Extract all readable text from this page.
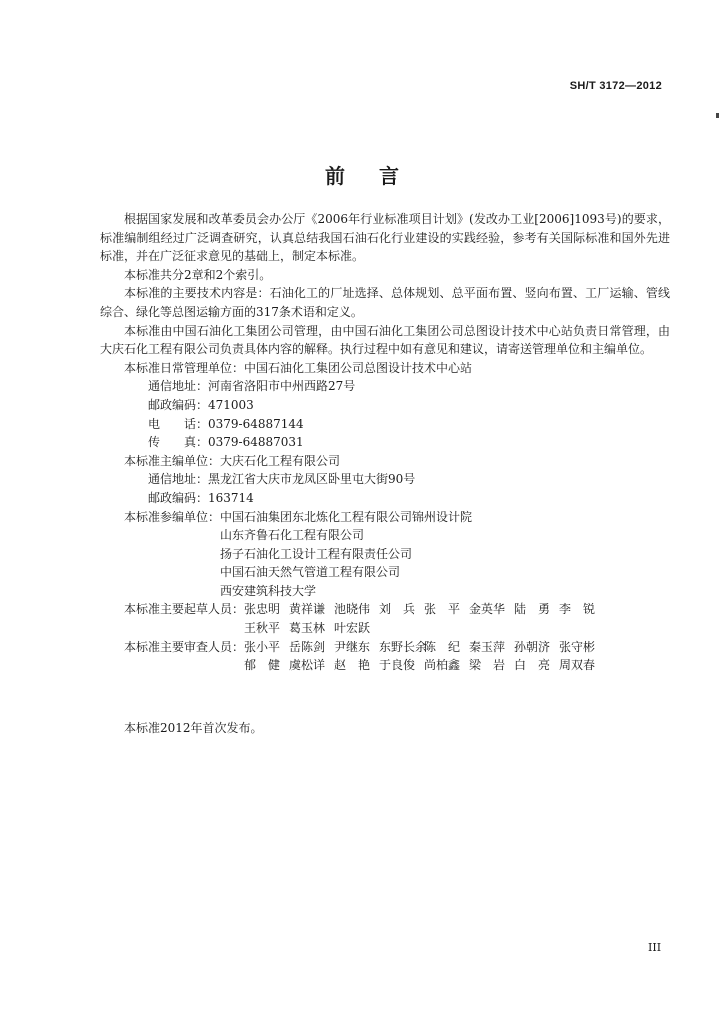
SH/T 3172—2012
前言

根据国家发展和改革委员会办公厅《2006年行业标准项目计划》(发改办工业[2006]1093号)的要求，标准编制组经过广泛调查研究，认真总结我国石油石化行业建设的实践经验，参考有关国际标准和国外先进标准，并在广泛征求意见的基础上，制定本标准。

本标准共分2章和2个索引。

本标准的主要技术内容是：石油化工的厂址选择、总体规划、总平面布置、竖向布置、工厂运输、管线综合、绿化等总图运输方面的317条术语和定义。

本标准由中国石油化工集团公司管理，由中国石油化工集团公司总图设计技术中心站负责日常管理，由大庆石化工程有限公司负责具体内容的解释。执行过程中如有意见和建议，请寄送管理单位和主编单位。

本标准日常管理单位： 中国石油化工集团公司总图设计技术中心站

通信地址：河南省洛阳市中州西路27号

邮政编码：471003

电　　话：0379-64887144

传　　真：0379-64887031

本标准主编单位： 大庆石化工程有限公司

通信地址：黑龙江省大庆市龙凤区卧里屯大街90号

邮政编码：163714

本标准参编单位： 中国石油集团东北炼化工程有限公司锦州设计院
山东齐鲁石化工程有限公司
扬子石油化工设计工程有限责任公司
中国石油天然气管道工程有限公司
西安建筑科技大学
本标准主要起草人员： 张忠明 黄祥谦 池晓伟 刘　兵 张　平 金英华 陆　勇 李　锐
王秋平 葛玉林 叶宏跃
本标准主要审查人员： 张小平 岳陈剑 尹继东 东野长余
陈　纪 秦玉萍 孙朝济 张守彬
郁　健 虞松详 赵　艳 于良俊 尚柏鑫 梁　岩 白　亮 周双春

本标准2012年首次发布。

III
